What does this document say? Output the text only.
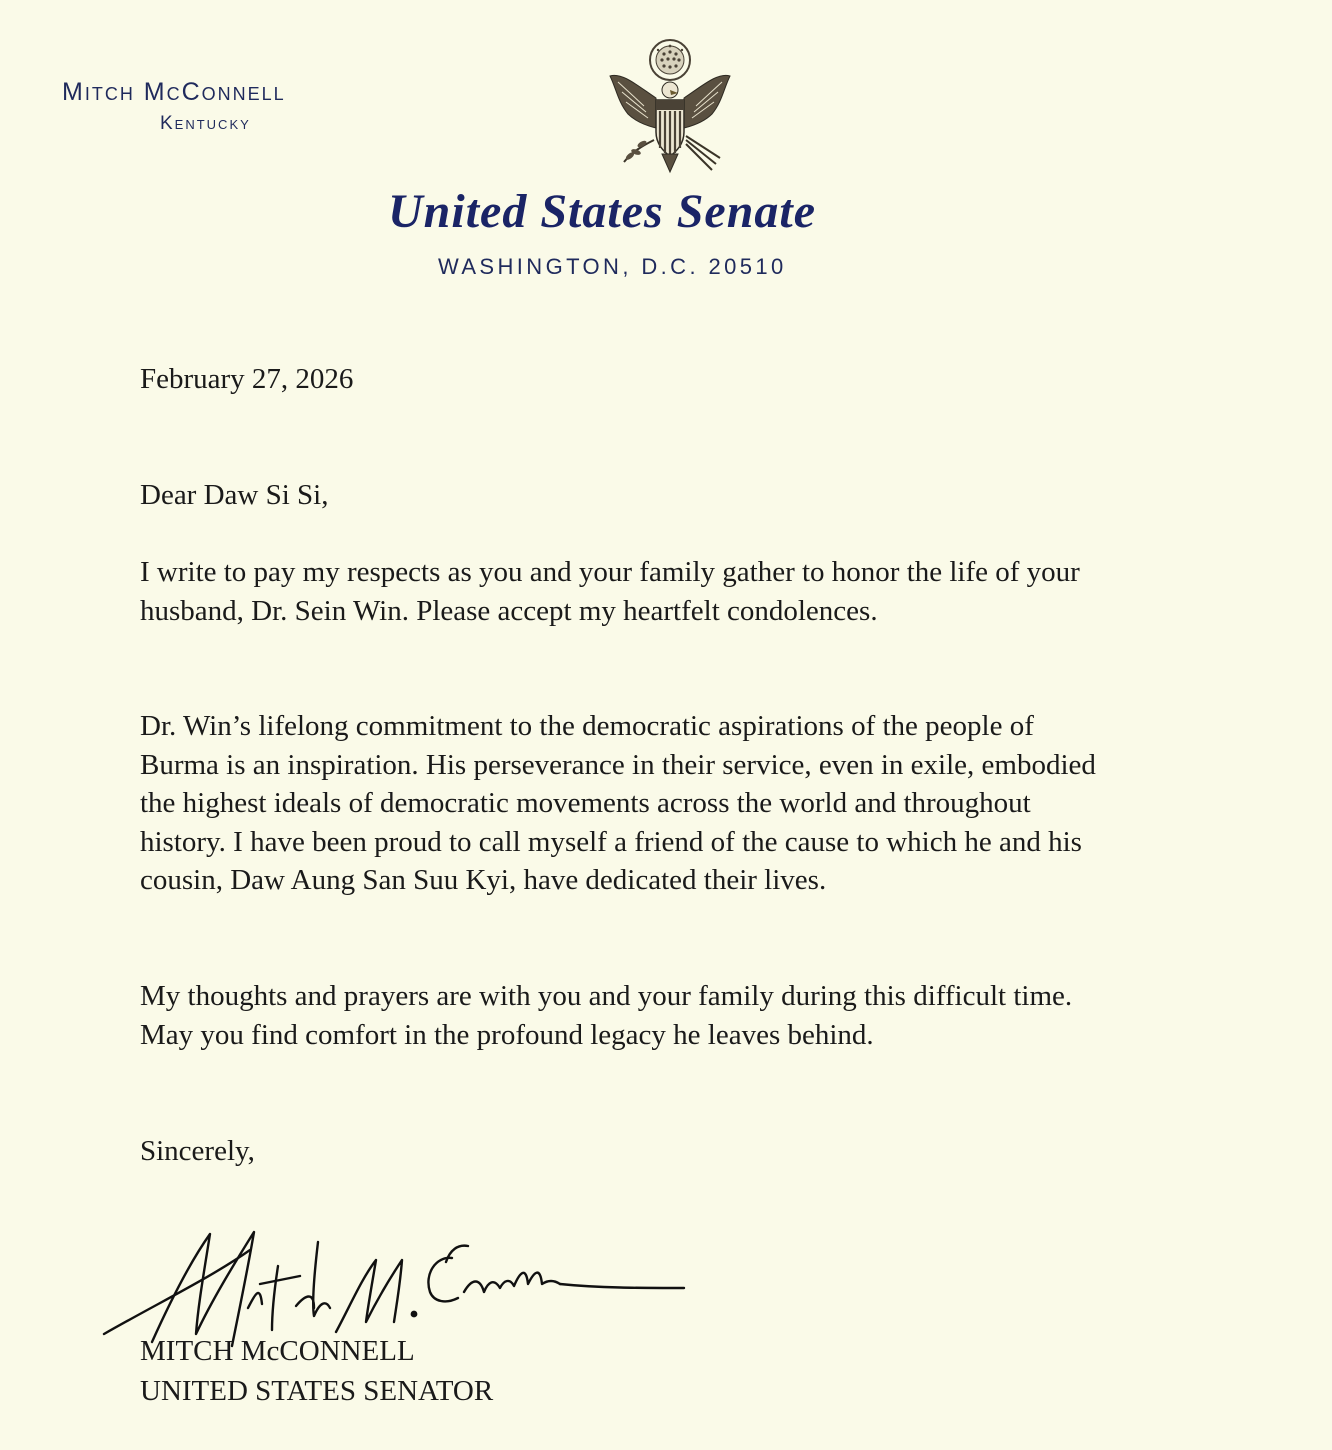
Mitch McConnell
Kentucky
United States Senate
WASHINGTON, D.C. 20510
February 27, 2026
Dear Daw Si Si,
I write to pay my respects as you and your family gather to honor the life of your husband, Dr. Sein Win. Please accept my heartfelt condolences.
Dr. Win’s lifelong commitment to the democratic aspirations of the people of Burma is an inspiration. His perseverance in their service, even in exile, embodied the highest ideals of democratic movements across the world and throughout history. I have been proud to call myself a friend of the cause to which he and his cousin, Daw Aung San Suu Kyi, have dedicated their lives.
My thoughts and prayers are with you and your family during this difficult time. May you find comfort in the profound legacy he leaves behind.
Sincerely,
MITCH McCONNELL
UNITED STATES SENATOR
